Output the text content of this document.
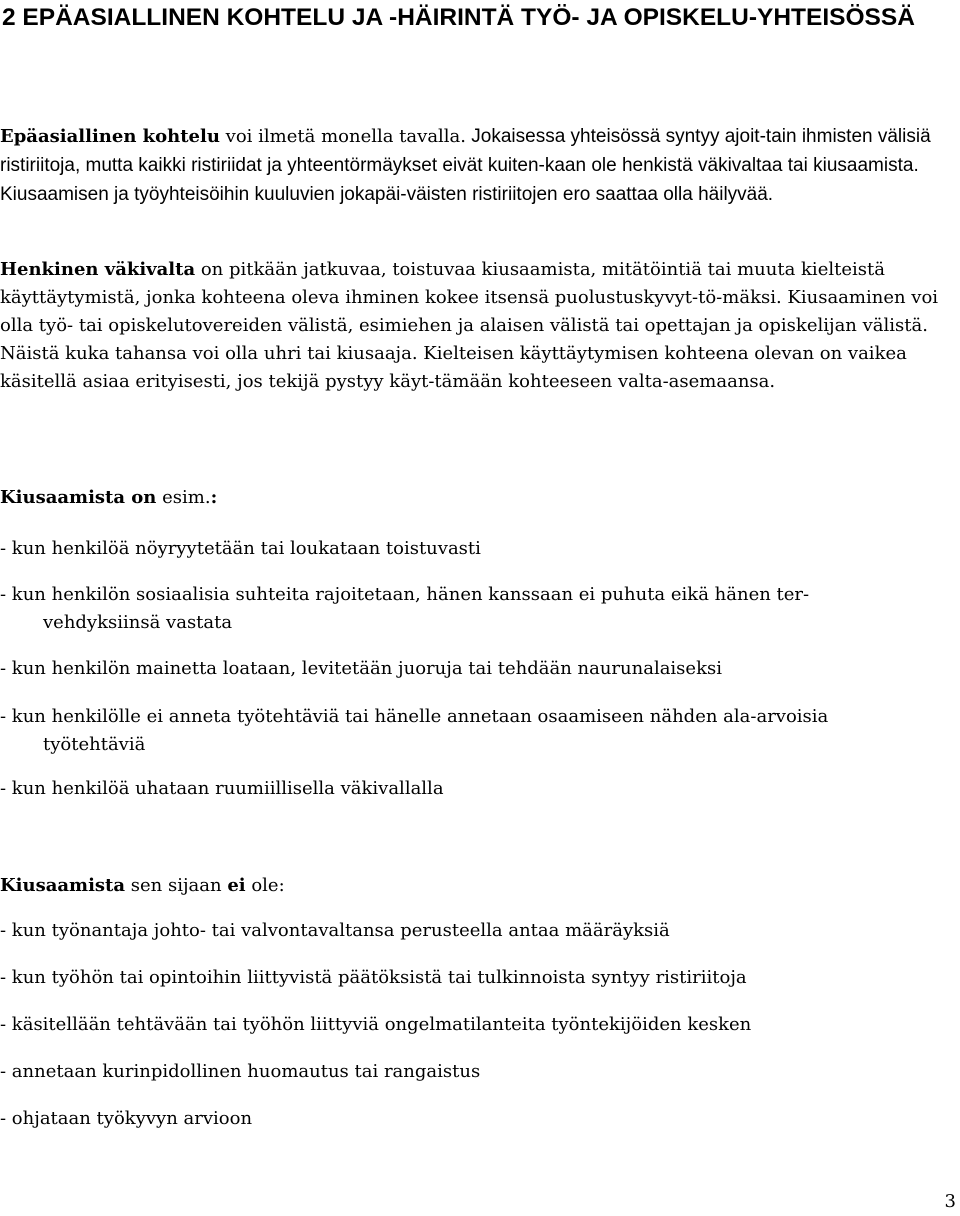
2 EPÄASIALLINEN KOHTELU JA -HÄIRINTÄ TYÖ- JA OPISKELU-YHTEISÖSSÄ

Epäasiallinen kohtelu voi ilmetä monella tavalla. Jokaisessa yhteisössä syntyy ajoit-tain ihmisten välisiä ristiriitoja, mutta kaikki ristiriidat ja yhteentörmäykset eivät kuiten-kaan ole henkistä väkivaltaa tai kiusaamista. Kiusaamisen ja työyhteisöihin kuuluvien jokapäi-väisten ristiriitojen ero saattaa olla häilyvää.

Henkinen väkivalta on pitkään jatkuvaa, toistuvaa kiusaamista, mitätöintiä tai muuta kielteistä käyttäytymistä, jonka kohteena oleva ihminen kokee itsensä puolustuskyvyt-tö-mäksi. Kiusaaminen voi olla työ- tai opiskelutovereiden välistä, esimiehen ja alaisen välistä tai opettajan ja opiskelijan välistä. Näistä kuka tahansa voi olla uhri tai kiusaaja. Kielteisen käyttäytymisen kohteena olevan on vaikea käsitellä asiaa erityisesti, jos tekijä pystyy käyt-tämään kohteeseen valta-asemaansa.

Kiusaamista on esim.:

- kun henkilöä nöyryytetään tai loukataan toistuvasti

- kun henkilön sosiaalisia suhteita rajoitetaan, hänen kanssaan ei puhuta eikä hänen ter-
vehdyksiinsä vastata

- kun henkilön mainetta loataan, levitetään juoruja tai tehdään naurunalaiseksi

- kun henkilölle ei anneta työtehtäviä tai hänelle annetaan osaamiseen nähden ala-arvoisia
työtehtäviä

- kun henkilöä uhataan ruumiillisella väkivallalla

Kiusaamista sen sijaan ei ole:

- kun työnantaja johto- tai valvontavaltansa perusteella antaa määräyksiä

- kun työhön tai opintoihin liittyvistä päätöksistä tai tulkinnoista syntyy ristiriitoja

- käsitellään tehtävään tai työhön liittyviä ongelmatilanteita työntekijöiden kesken

- annetaan kurinpidollinen huomautus tai rangaistus

- ohjataan työkyvyn arvioon

3
